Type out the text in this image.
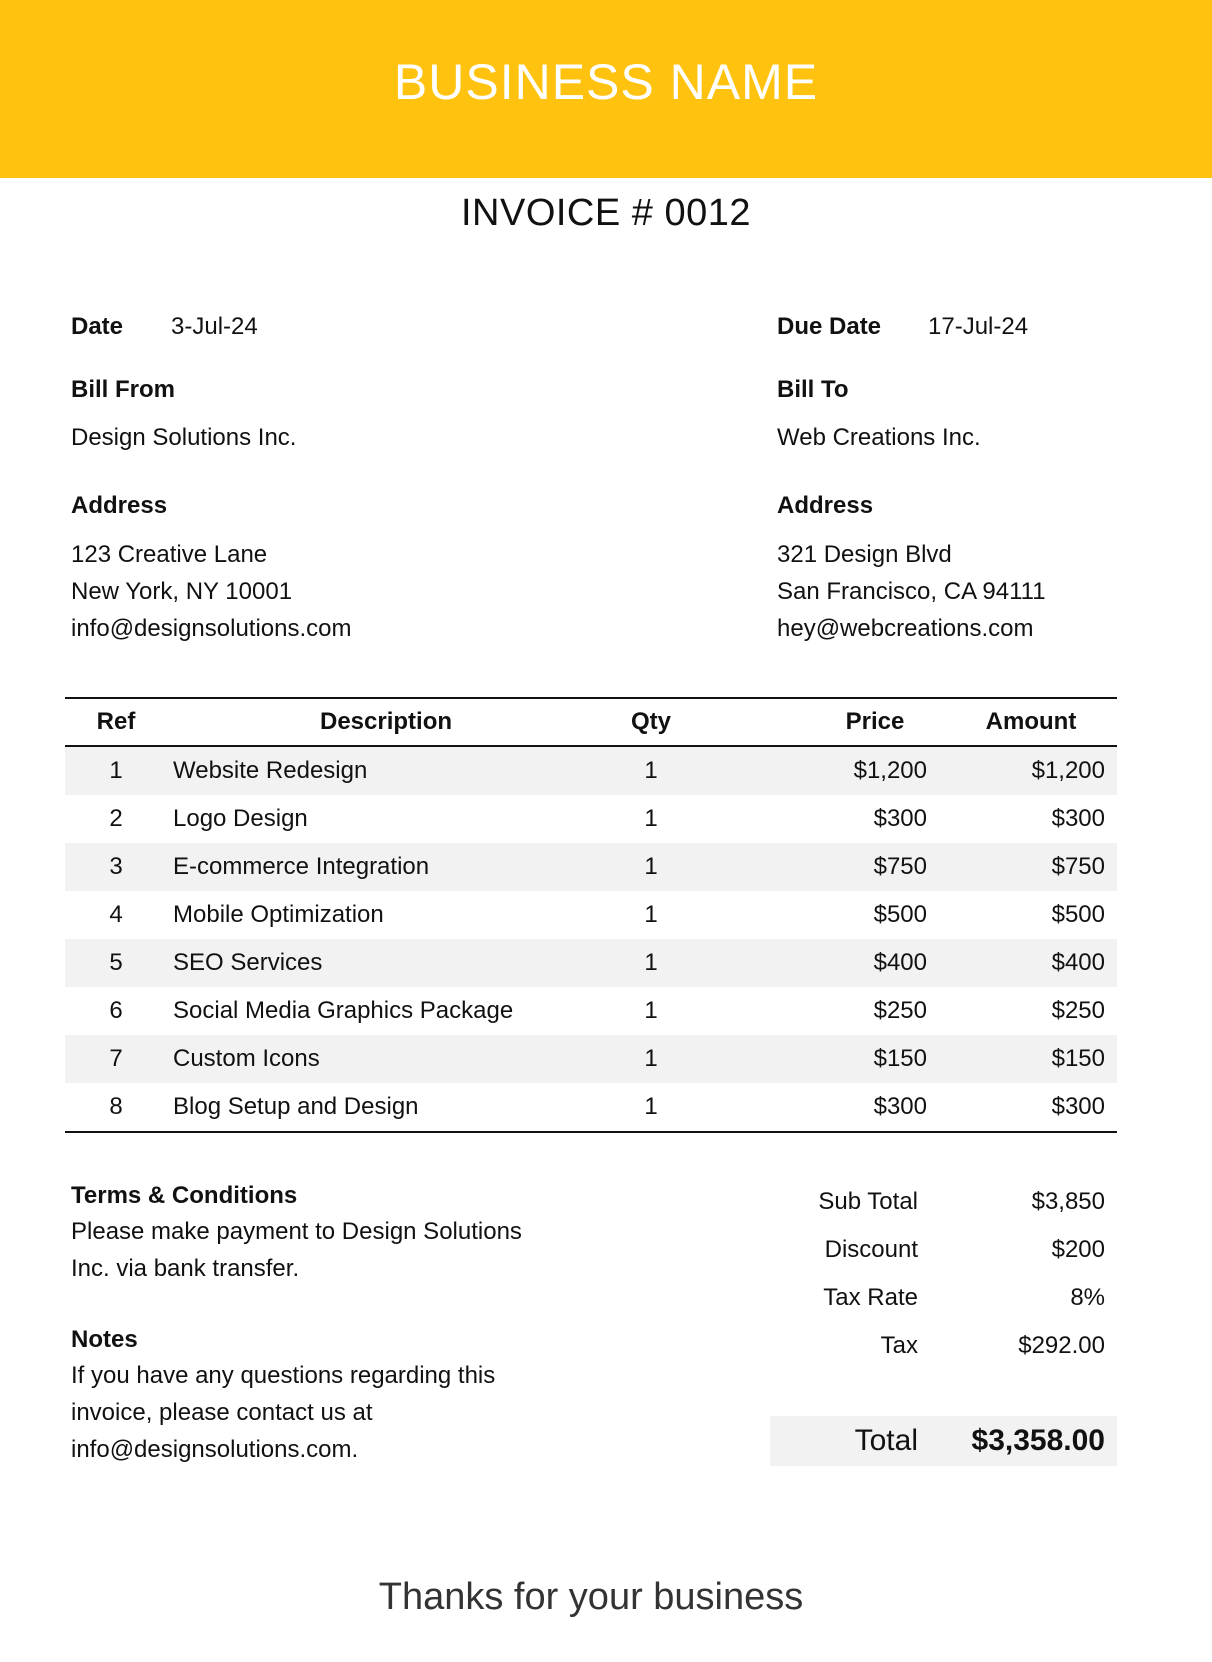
BUSINESS NAME
INVOICE # 0012
Date	3-Jul-24	Due Date	17-Jul-24
Bill From
Design Solutions Inc.
Bill To
Web Creations Inc.
Address
123 Creative Lane
New York, NY 10001
info@designsolutions.com
Address
321 Design Blvd
San Francisco, CA 94111
hey@webcreations.com
Ref	Description	Qty	Price	Amount
1	Website Redesign	1	$1,200	$1,200
2	Logo Design	1	$300	$300
3	E-commerce Integration	1	$750	$750
4	Mobile Optimization	1	$500	$500
5	SEO Services	1	$400	$400
6	Social Media Graphics Package	1	$250	$250
7	Custom Icons	1	$150	$150
8	Blog Setup and Design	1	$300	$300
Terms & Conditions
Please make payment to Design Solutions
Inc. via bank transfer.
Notes
If you have any questions regarding this
invoice, please contact us at
info@designsolutions.com.
Sub Total	$3,850
Discount	$200
Tax Rate	8%
Tax	$292.00
Total	$3,358.00
Thanks for your business
